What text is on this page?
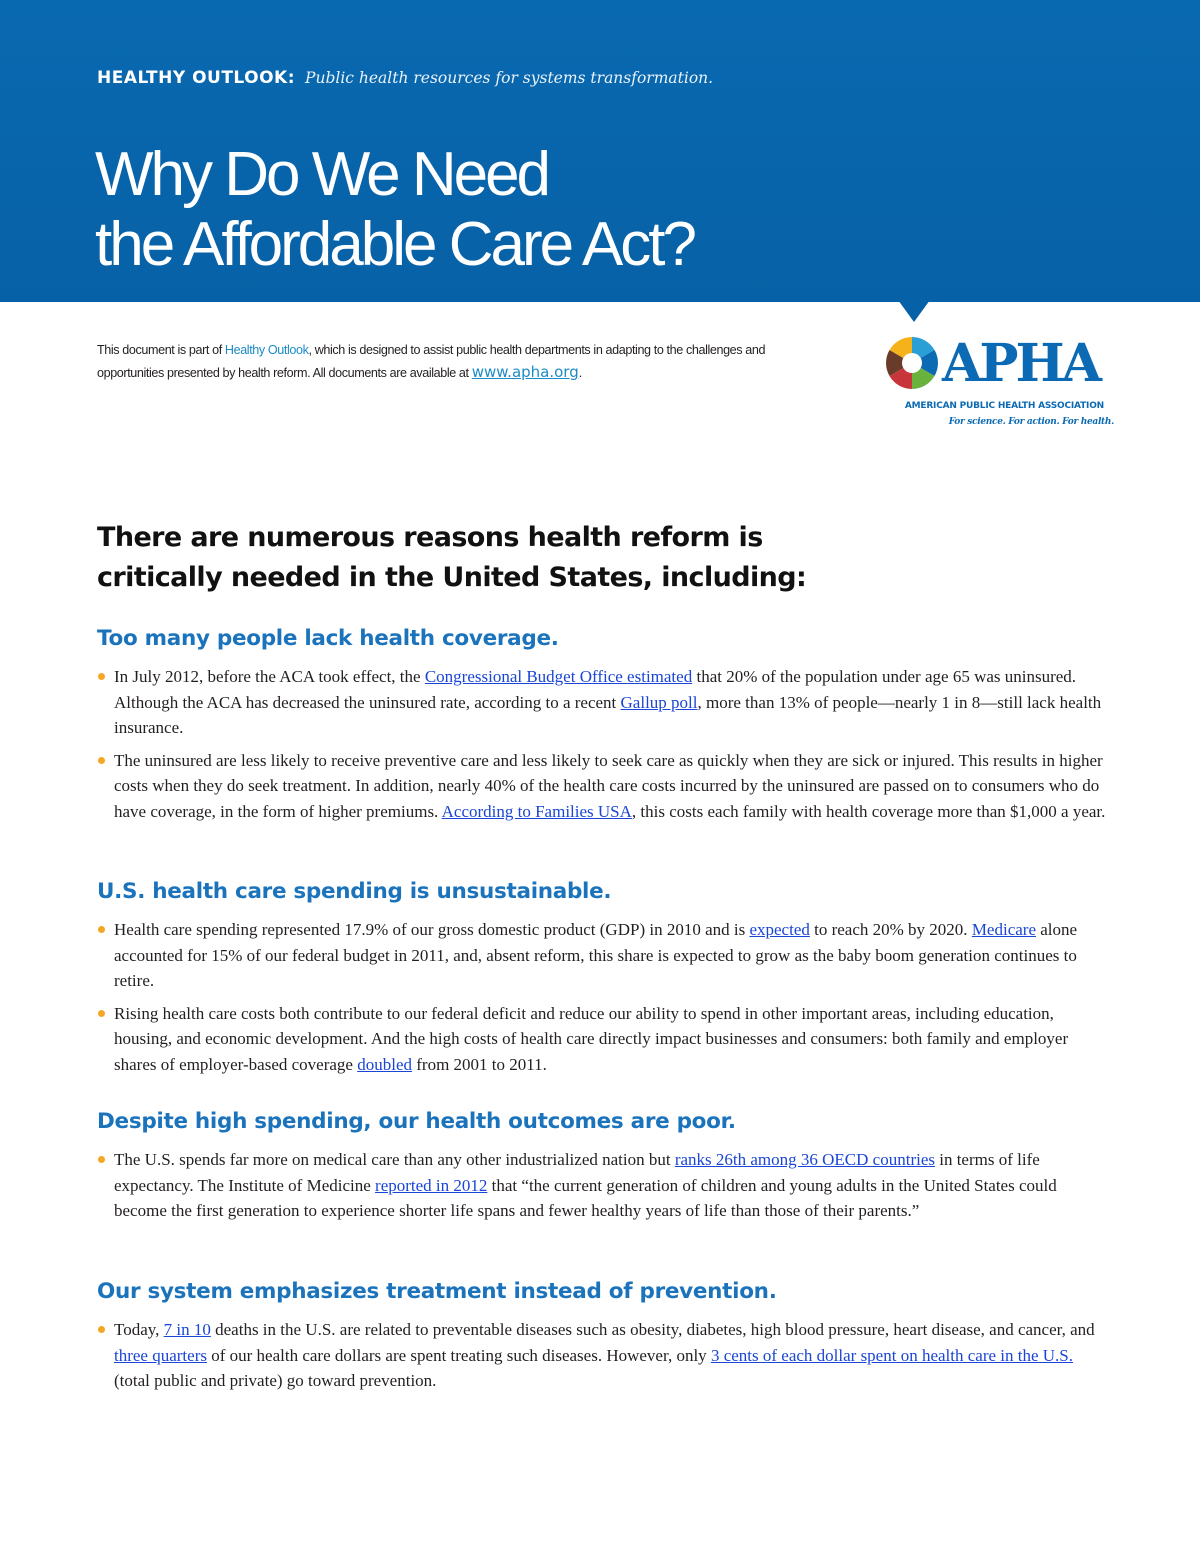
HEALTHY OUTLOOK: Public health resources for systems transformation.
Why Do We Need
the Affordable Care Act?

This document is part of Healthy Outlook, which is designed to assist public health departments in adapting to the challenges and opportunities presented by health reform. All documents are available at www.apha.org.	APHA
AMERICAN PUBLIC HEALTH ASSOCIATION
For science. For action. For health.
There are numerous reasons health reform is
critically needed in the United States, including:
Too many people lack health coverage.
In July 2012, before the ACA took effect, the Congressional Budget Office estimated that 20% of the population under age 65 was uninsured. Although the ACA has decreased the uninsured rate, according to a recent Gallup poll, more than 13% of people—nearly 1 in 8—still lack health insurance.
The uninsured are less likely to receive preventive care and less likely to seek care as quickly when they are sick or injured. This results in higher costs when they do seek treatment. In addition, nearly 40% of the health care costs incurred by the uninsured are passed on to consumers who do have coverage, in the form of higher premiums. According to Families USA, this costs each family with health coverage more than $1,000 a year.
U.S. health care spending is unsustainable.
Health care spending represented 17.9% of our gross domestic product (GDP) in 2010 and is expected to reach 20% by 2020. Medicare alone accounted for 15% of our federal budget in 2011, and, absent reform, this share is expected to grow as the baby boom generation continues to retire.
Rising health care costs both contribute to our federal deficit and reduce our ability to spend in other important areas, including education, housing, and economic development. And the high costs of health care directly impact businesses and consumers: both family and employer shares of employer-based coverage doubled from 2001 to 2011.
Despite high spending, our health outcomes are poor.
The U.S. spends far more on medical care than any other industrialized nation but ranks 26th among 36 OECD countries in terms of life expectancy. The Institute of Medicine reported in 2012 that “the current generation of children and young adults in the United States could become the first generation to experience shorter life spans and fewer healthy years of life than those of their parents.”
Our system emphasizes treatment instead of prevention.
Today, 7 in 10 deaths in the U.S. are related to preventable diseases such as obesity, diabetes, high blood pressure, heart disease, and cancer, and three quarters of our health care dollars are spent treating such diseases. However, only 3 cents of each dollar spent on health care in the U.S. (total public and private) go toward prevention.
